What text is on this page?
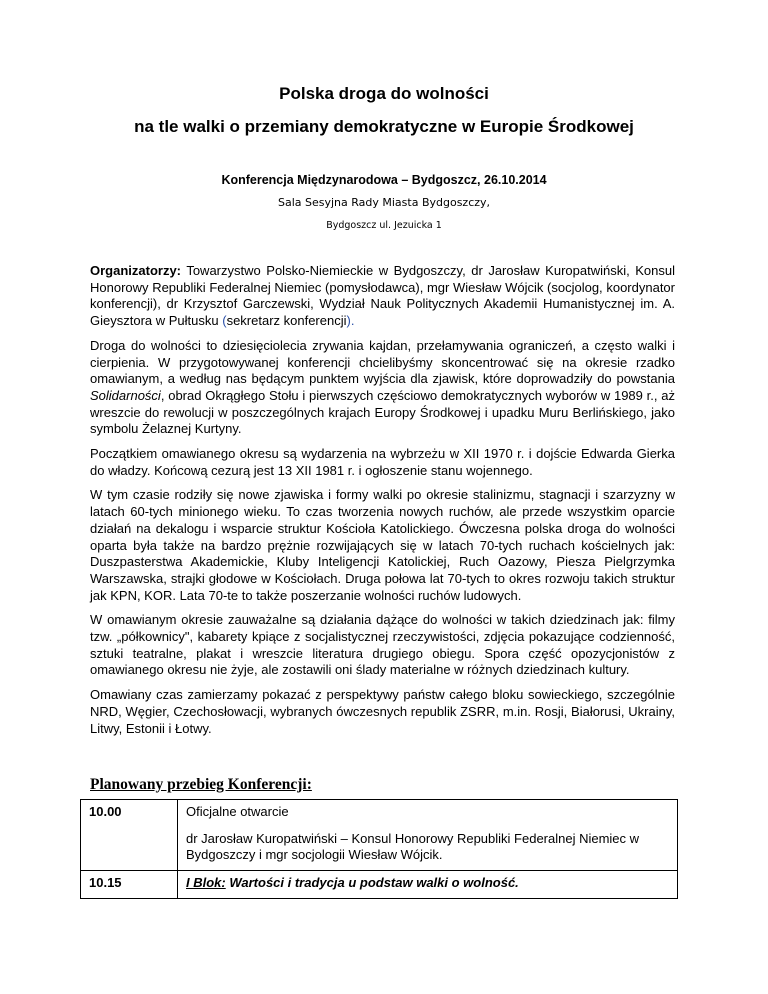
Polska droga do wolności
na tle walki o przemiany demokratyczne w Europie Środkowej
Konferencja Międzynarodowa – Bydgoszcz, 26.10.2014
Sala Sesyjna Rady Miasta Bydgoszczy,
Bydgoszcz ul. Jezuicka 1

Organizatorzy: Towarzystwo Polsko-Niemieckie w Bydgoszczy, dr Jarosław Kuropatwiński, Konsul Honorowy Republiki Federalnej Niemiec (pomysłodawca), mgr Wiesław Wójcik (socjolog, koordynator konferencji), dr Krzysztof Garczewski, Wydział Nauk Politycznych Akademii Humanistycznej im. A. Gieysztora w Pułtusku (sekretarz konferencji).

Droga do wolności to dziesięciolecia zrywania kajdan, przełamywania ograniczeń, a często walki i cierpienia. W przygotowywanej konferencji chcielibyśmy skoncentrować się na okresie rzadko omawianym, a według nas będącym punktem wyjścia dla zjawisk, które doprowadziły do powstania Solidarności, obrad Okrągłego Stołu i pierwszych częściowo demokratycznych wyborów w 1989 r., aż wreszcie do rewolucji w poszczególnych krajach Europy Środkowej i upadku Muru Berlińskiego, jako symbolu Żelaznej Kurtyny.

Początkiem omawianego okresu są wydarzenia na wybrzeżu w XII 1970 r. i dojście Edwarda Gierka do władzy. Końcową cezurą jest 13 XII 1981 r. i ogłoszenie stanu wojennego.

W tym czasie rodziły się nowe zjawiska i formy walki po okresie stalinizmu, stagnacji i szarzyzny w latach 60-tych minionego wieku. To czas tworzenia nowych ruchów, ale przede wszystkim oparcie działań na dekalogu i wsparcie struktur Kościoła Katolickiego. Ówczesna polska droga do wolności oparta była także na bardzo prężnie rozwijających się w latach 70-tych ruchach kościelnych jak: Duszpasterstwa Akademickie, Kluby Inteligencji Katolickiej, Ruch Oazowy, Piesza Pielgrzymka Warszawska, strajki głodowe w Kościołach. Druga połowa lat 70-tych to okres rozwoju takich struktur jak KPN, KOR. Lata 70-te to także poszerzanie wolności ruchów ludowych.

W omawianym okresie zauważalne są działania dążące do wolności w takich dziedzinach jak: filmy tzw. „półkownicy", kabarety kpiące z socjalistycznej rzeczywistości, zdjęcia pokazujące codzienność, sztuki teatralne, plakat i wreszcie literatura drugiego obiegu. Spora część opozycjonistów z omawianego okresu nie żyje, ale zostawili oni ślady materialne w różnych dziedzinach kultury.

Omawiany czas zamierzamy pokazać z perspektywy państw całego bloku sowieckiego, szczególnie NRD, Węgier, Czechosłowacji, wybranych ówczesnych republik ZSRR, m.in. Rosji, Białorusi, Ukrainy, Litwy, Estonii i Łotwy.

Planowany przebieg Konferencji:
10.00	Oficjalne otwarcie

dr Jarosław Kuropatwiński – Konsul Honorowy Republiki Federalnej Niemiec w Bydgoszczy i mgr socjologii Wiesław Wójcik.

10.15	I Blok: Wartości i tradycja u podstaw walki o wolność.
